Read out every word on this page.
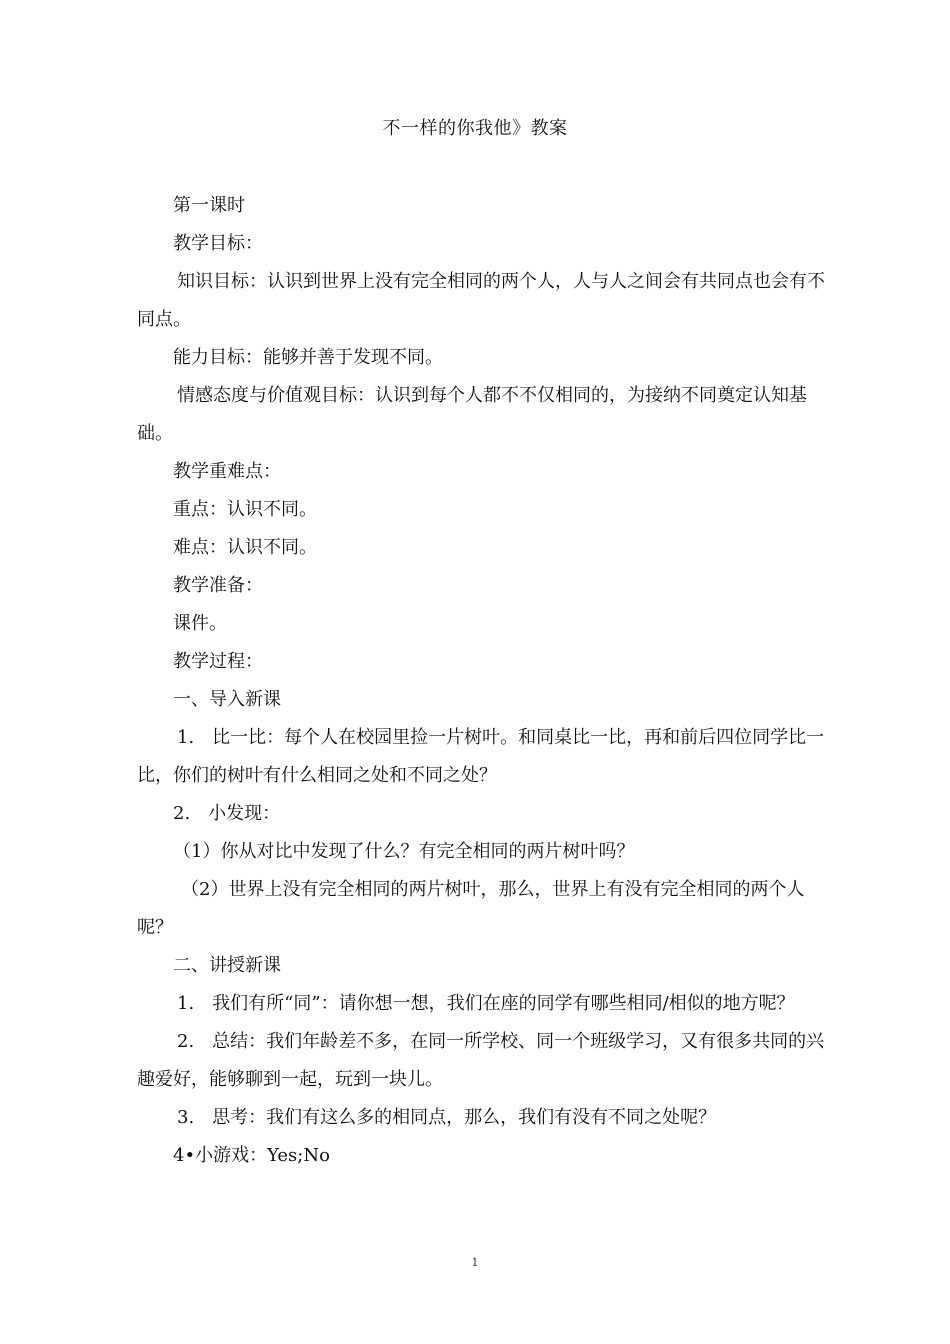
不一样的你我他》教案

第一课时

教学目标：

知识目标：认识到世界上没有完全相同的两个人，人与人之间会有共同点也会有不同点。

能力目标：能够并善于发现不同。

情感态度与价值观目标：认识到每个人都不不仅相同的，为接纳不同奠定认知基础。

教学重难点：

重点：认识不同。

难点：认识不同。

教学准备：

课件。

教学过程：

一、导入新课

1.　比一比：每个人在校园里捡一片树叶。和同桌比一比，再和前后四位同学比一比，你们的树叶有什么相同之处和不同之处？

2.　小发现：

（1）你从对比中发现了什么？有完全相同的两片树叶吗？

（2）世界上没有完全相同的两片树叶，那么，世界上有没有完全相同的两个人呢？

二、讲授新课

1.　我们有所“同”：请你想一想，我们在座的同学有哪些相同/相似的地方呢？

2.　总结：我们年龄差不多，在同一所学校、同一个班级学习，又有很多共同的兴趣爱好，能够聊到一起，玩到一块儿。

3.　思考：我们有这么多的相同点，那么，我们有没有不同之处呢？

4•小游戏：Yes;No

1
